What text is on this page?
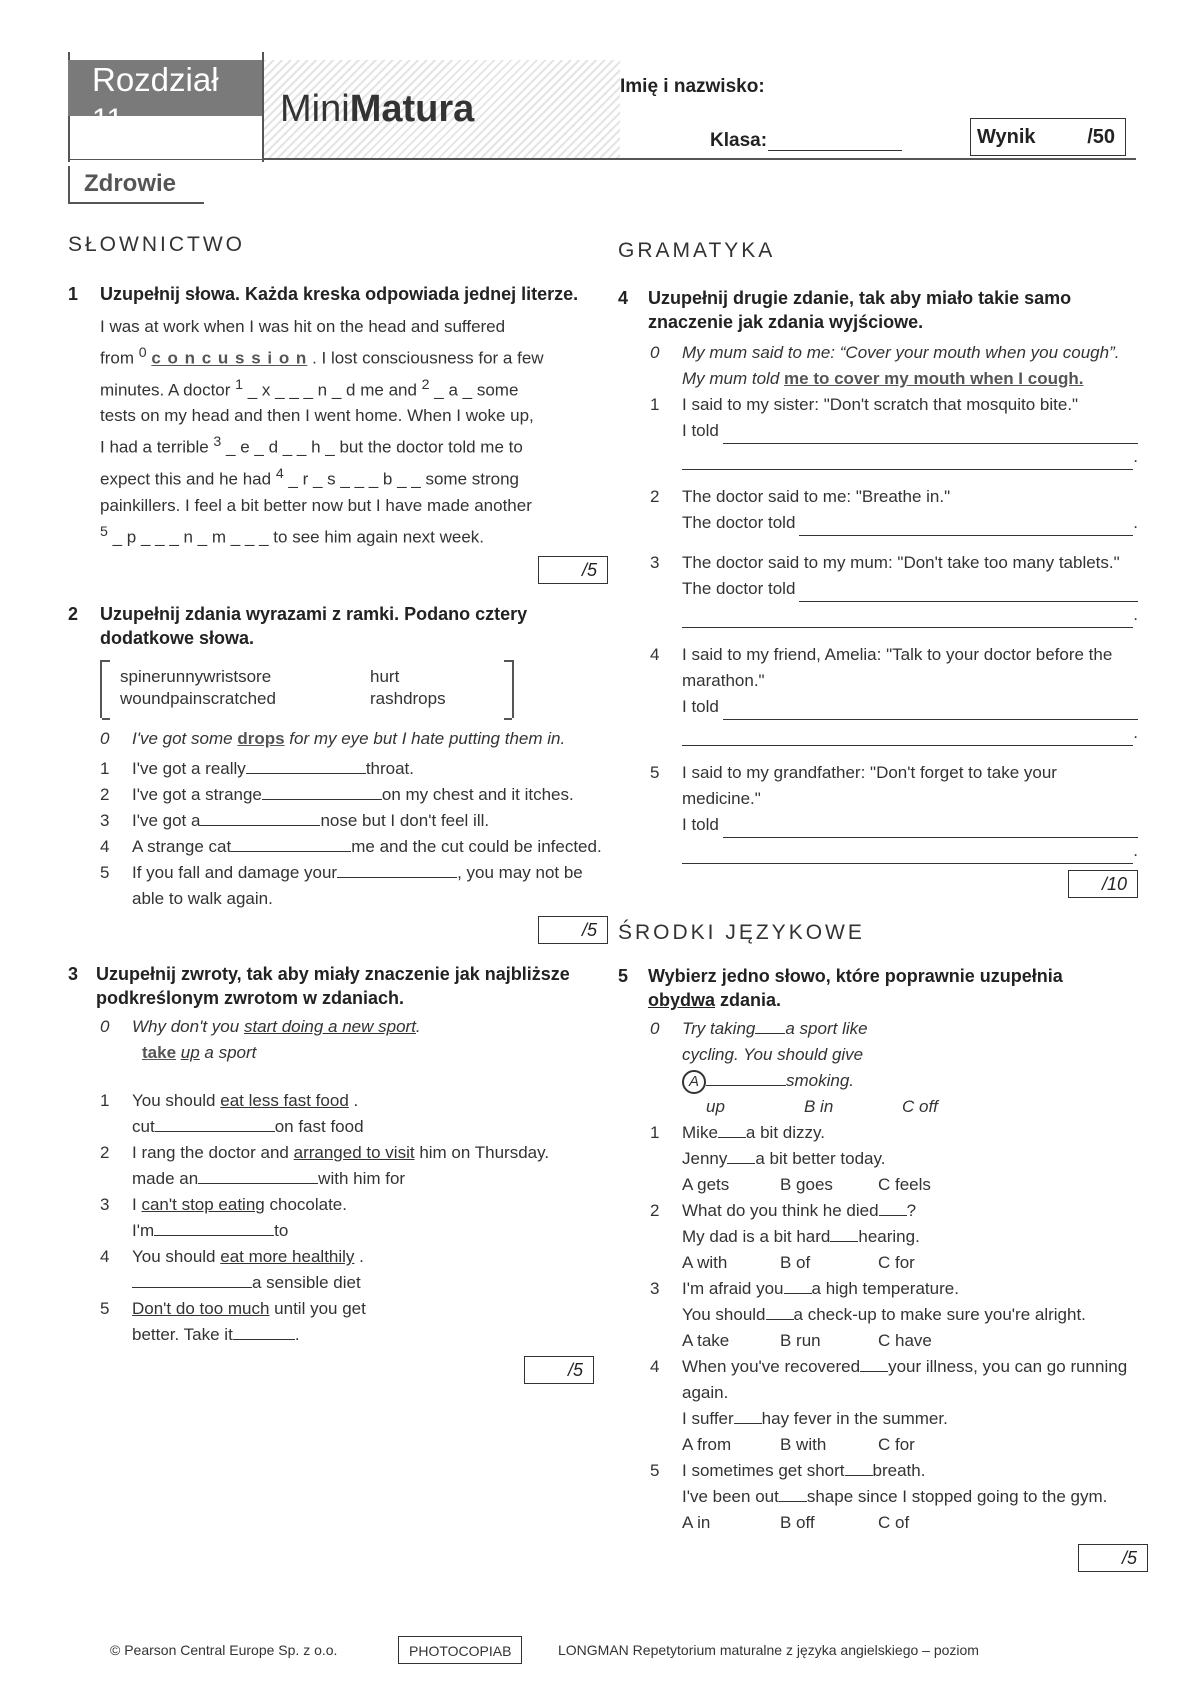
Rozdział
11	MiniMatura
Imię i nazwisko:
Klasa:	Wynik	/50
Zdrowie
SŁOWNICTWO
1 Uzupełnij słowa. Każda kreska odpowiada jednej literze.
I was at work when I was hit on the head and suffered
from $^0$ c o n c u s s i o n . I lost consciousness for a few
minutes. A doctor $^1$ _ x _ _ _ n _ d me and $^2$ _ a _ some
tests on my head and then I went home. When I woke up,
I had a terrible $^3$ _ e _ d _ _ h _ but the doctor told me to
expect this and he had $^4$ _ r _ s _ _ _ b _ _ some strong
painkillers. I feel a bit better now but I have made another
$^5$ _ p _ _ _ n _ m _ _ _ to see him again next week.
/5
2 Uzupełnij zdania wyrazami z ramki. Podano cztery dodatkowe słowa.
spinerunnywristsore	hurt
woundpainscratched	rashdrops
0 I've got some drops for my eye but I hate putting them in.
1 I've got a really	throat.
2 I've got a strange	on my chest and it itches.
3 I've got a	nose but I don't feel ill.
4 A strange cat	me and the cut could be infected.
5 If you fall and damage your	, you may not be able to walk again.
/5
3 Uzupełnij zwroty, tak aby miały znaczenie jak najbliższe podkreślonym zwrotom w zdaniach.
0 Why don't you start doing a new sport.
take up a sport
1 You should eat less fast food .
cut	on fast food
2 I rang the doctor and arranged to visit him on Thursday.
made an	with him for
3 I can't stop eating chocolate.
I'm	to
4 You should eat more healthily .
a sensible diet
5 Don't do too much until you get
better. Take it	.
/5
GRAMATYKA
4 Uzupełnij drugie zdanie, tak aby miało takie samo znaczenie jak zdania wyjściowe.
0 My mum said to me: “Cover your mouth when you cough”.
My mum told me to cover my mouth when I cough.
1 I said to my sister: "Don't scratch that mosquito bite."
I told
.
2 The doctor said to me: "Breathe in."
The doctor told	.
3 The doctor said to my mum: "Don't take too many tablets."
The doctor told
.
4 I said to my friend, Amelia: "Talk to your doctor before the marathon."
I told
.
5 I said to my grandfather: "Don't forget to take your medicine."
I told
.
/10
ŚRODKI JĘZYKOWE
5 Wybierz jedno słowo, które poprawnie uzupełnia
obydwa zdania.
0 Try taking a sport like
cycling. You should give
A	smoking.
up	B in	C off
1 Mike a bit dizzy.
Jenny a bit better today.
A gets	B goes	C feels
2 What do you think he died ?
My dad is a bit hard hearing.
A with	B of	C for
3 I'm afraid you a high temperature.
You should a check-up to make sure you're alright.
A take	B run	C have
4 When you've recovered your illness, you can go running again.
I suffer hay fever in the summer.
A from	B with	C for
5 I sometimes get short breath.
I've been out shape since I stopped going to the gym.
A in	B off	C of
/5
© Pearson Central Europe Sp. z o.o.	PHOTOCOPIAB	LONGMAN Repetytorium maturalne z języka angielskiego – poziom
